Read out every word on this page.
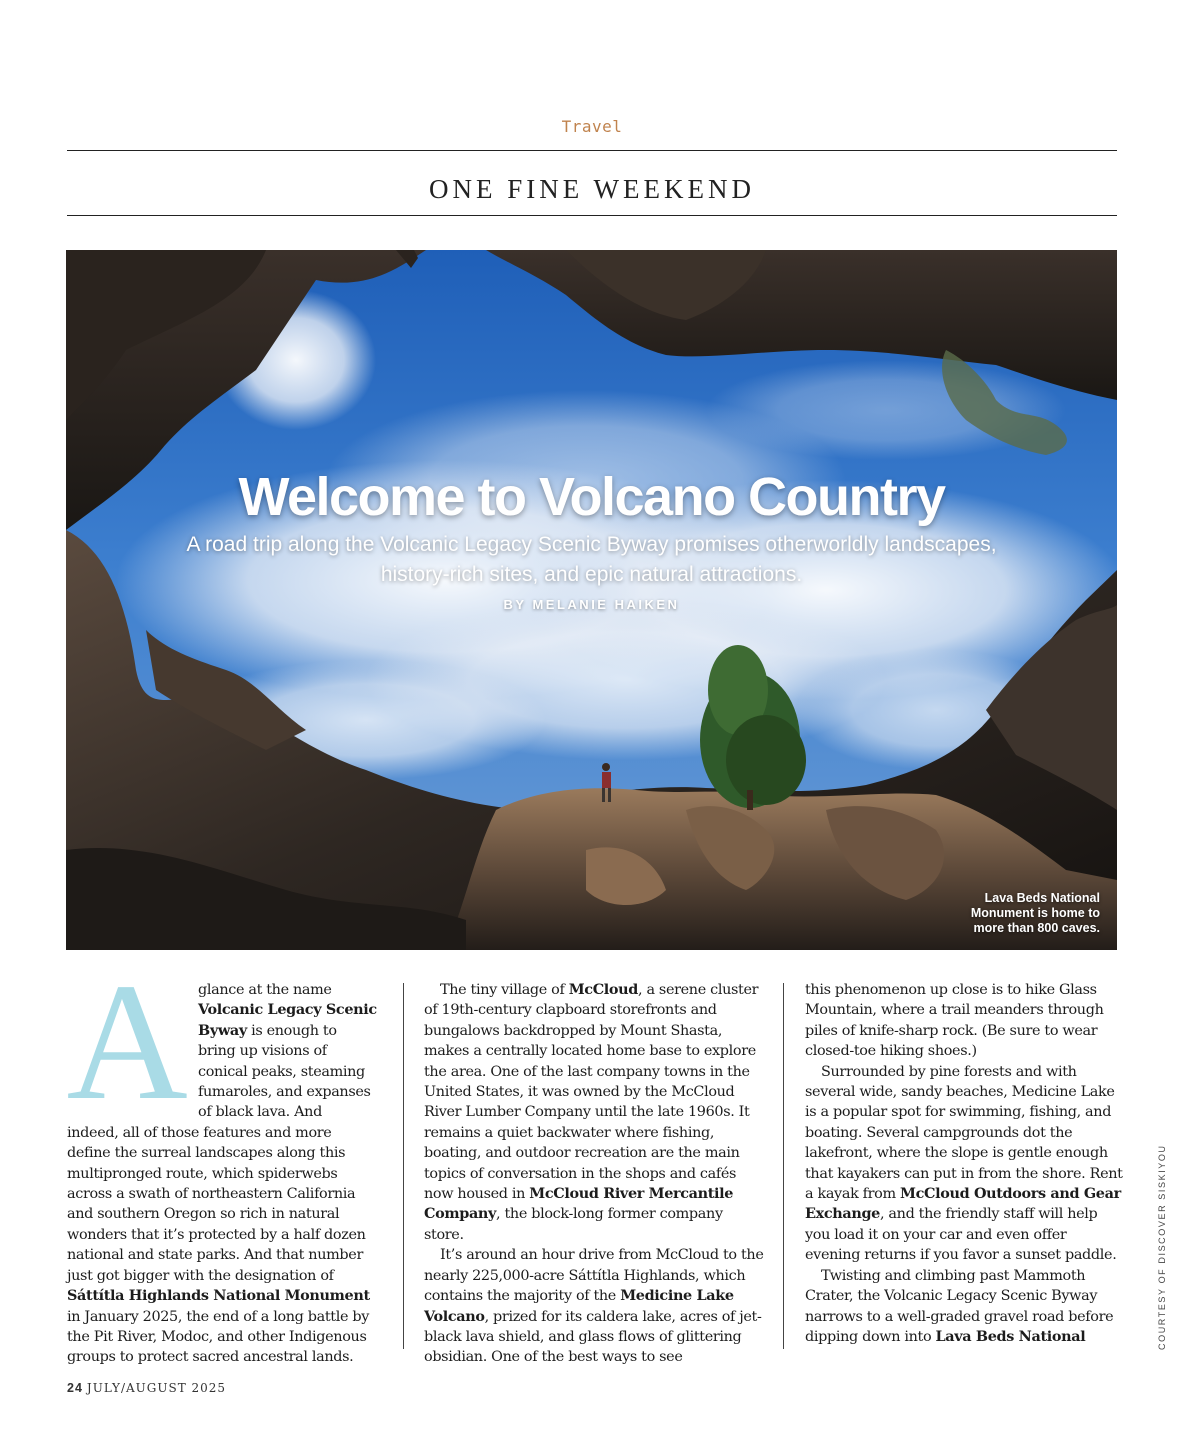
Travel
ONE FINE WEEKEND
Welcome to Volcano Country
A road trip along the Volcanic Legacy Scenic Byway promises otherworldly landscapes, history-rich sites, and epic natural attractions.
BY MELANIE HAIKEN
Lava Beds National Monument is home to more than 800 caves.

A glance at the name Volcanic Legacy Scenic Byway is enough to bring up visions of conical peaks, steaming fumaroles, and expanses of black lava. And indeed, all of those features and more define the surreal landscapes along this multipronged route, which spiderwebs across a swath of northeastern California and southern Oregon so rich in natural wonders that it’s protected by a half dozen national and state parks. And that number just got bigger with the designation of Sáttítla Highlands National Monument in January 2025, the end of a long battle by the Pit River, Modoc, and other Indigenous groups to protect sacred ancestral lands.

The tiny village of McCloud, a serene cluster of 19th-century clapboard storefronts and bungalows backdropped by Mount Shasta, makes a centrally located home base to explore the area. One of the last company towns in the United States, it was owned by the McCloud River Lumber Company until the late 1960s. It remains a quiet backwater where fishing, boating, and outdoor recreation are the main topics of conversation in the shops and cafés now housed in McCloud River Mercantile Company, the block-long former company store.

It’s around an hour drive from McCloud to the nearly 225,000-acre Sáttítla Highlands, which contains the majority of the Medicine Lake Volcano, prized for its caldera lake, acres of jet-black lava shield, and glass flows of glittering obsidian. One of the best ways to see

this phenomenon up close is to hike Glass Mountain, where a trail meanders through piles of knife-sharp rock. (Be sure to wear closed-toe hiking shoes.)

Surrounded by pine forests and with several wide, sandy beaches, Medicine Lake is a popular spot for swimming, fishing, and boating. Several campgrounds dot the lakefront, where the slope is gentle enough that kayakers can put in from the shore. Rent a kayak from McCloud Outdoors and Gear Exchange, and the friendly staff will help you load it on your car and even offer evening returns if you favor a sunset paddle.

Twisting and climbing past Mammoth Crater, the Volcanic Legacy Scenic Byway narrows to a well-graded gravel road before dipping down into Lava Beds National	COURTESY OF DISCOVER SISKIYOU
24 JULY/AUGUST 2025
